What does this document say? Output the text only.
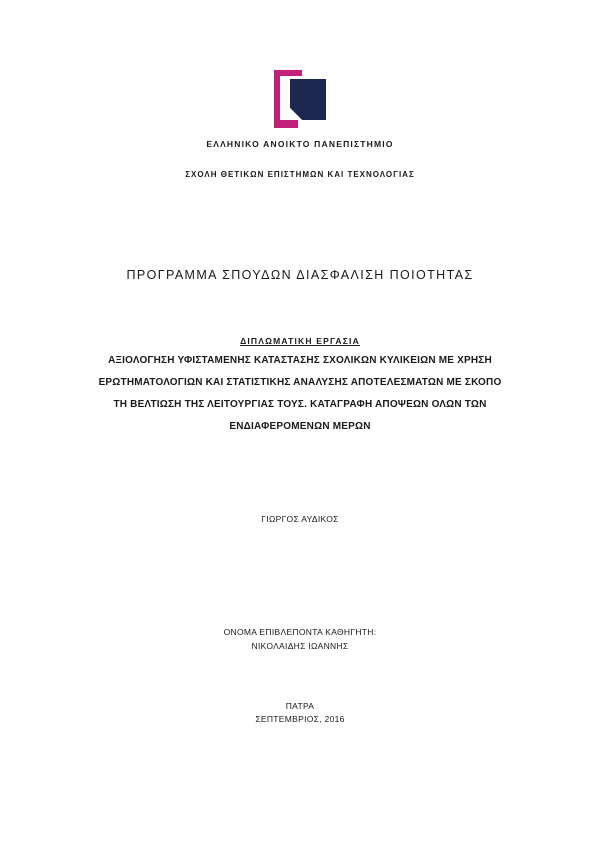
ΕΛΛΗΝΙΚΟ ΑΝΟΙΚΤΟ ΠΑΝΕΠΙΣΤΗΜΙΟ
ΣΧΟΛΗ ΘΕΤΙΚΩΝ ΕΠΙΣΤΗΜΩΝ ΚΑΙ ΤΕΧΝΟΛΟΓΙΑΣ
ΠΡΟΓΡΑΜΜΑ ΣΠΟΥΔΩΝ ΔΙΑΣΦΑΛΙΣΗ ΠΟΙΟΤΗΤΑΣ
ΔΙΠΛΩΜΑΤΙΚΗ ΕΡΓΑΣΙΑ
ΑΞΙΟΛΟΓΗΣΗ ΥΦΙΣΤΑΜΕΝΗΣ ΚΑΤΑΣΤΑΣΗΣ ΣΧΟΛΙΚΩΝ ΚΥΛΙΚΕΙΩΝ ΜΕ ΧΡΗΣΗ
ΕΡΩΤΗΜΑΤΟΛΟΓΙΩΝ ΚΑΙ ΣΤΑΤΙΣΤΙΚΗΣ ΑΝΑΛΥΣΗΣ ΑΠΟΤΕΛΕΣΜΑΤΩΝ ΜΕ ΣΚΟΠΟ
ΤΗ ΒΕΛΤΙΩΣΗ ΤΗΣ ΛΕΙΤΟΥΡΓΙΑΣ ΤΟΥΣ. ΚΑΤΑΓΡΑΦΗ ΑΠΟΨΕΩΝ ΟΛΩΝ ΤΩΝ
ΕΝΔΙΑΦΕΡΟΜΕΝΩΝ ΜΕΡΩΝ
ΓΙΩΡΓΟΣ ΑΥΔΙΚΟΣ
ΟΝΟΜΑ ΕΠΙΒΛΕΠΟΝΤΑ ΚΑΘΗΓΗΤΗ:
ΝΙΚΟΛΑΙΔΗΣ ΙΩΑΝΝΗΣ
ΠΑΤΡΑ
ΣΕΠΤΕΜΒΡΙΟΣ, 2016
